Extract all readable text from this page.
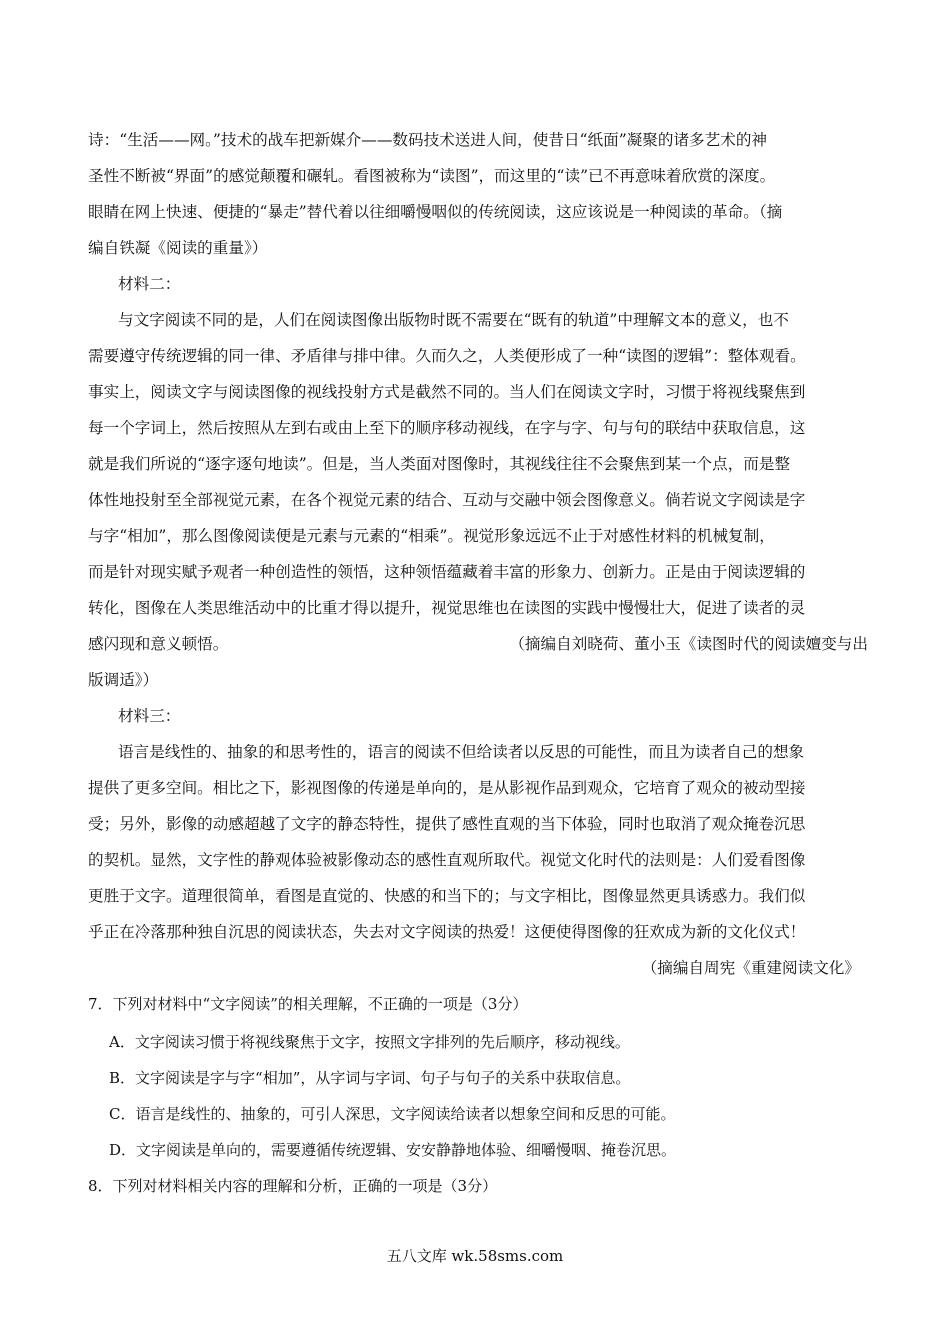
诗：“生活——网。”技术的战车把新媒介——数码技术送进人间，使昔日“纸面”凝聚的诸多艺术的神
圣性不断被“界面”的感觉颠覆和碾轧。看图被称为“读图”，而这里的“读”已不再意味着欣赏的深度。
眼睛在网上快速、便捷的“暴走”替代着以往细嚼慢咽似的传统阅读，这应该说是一种阅读的革命。（摘
编自铁凝《阅读的重量》）
材料二：
与文字阅读不同的是，人们在阅读图像出版物时既不需要在“既有的轨道”中理解文本的意义，也不
需要遵守传统逻辑的同一律、矛盾律与排中律。久而久之，人类便形成了一种“读图的逻辑”：整体观看。
事实上，阅读文字与阅读图像的视线投射方式是截然不同的。当人们在阅读文字时，习惯于将视线聚焦到
每一个字词上，然后按照从左到右或由上至下的顺序移动视线，在字与字、句与句的联结中获取信息，这
就是我们所说的“逐字逐句地读”。但是，当人类面对图像时，其视线往往不会聚焦到某一个点，而是整
体性地投射至全部视觉元素，在各个视觉元素的结合、互动与交融中领会图像意义。倘若说文字阅读是字
与字“相加”，那么图像阅读便是元素与元素的“相乘”。视觉形象远远不止于对感性材料的机械复制，
而是针对现实赋予观者一种创造性的领悟，这种领悟蕴藏着丰富的形象力、创新力。正是由于阅读逻辑的
转化，图像在人类思维活动中的比重才得以提升，视觉思维也在读图的实践中慢慢壮大，促进了读者的灵
感闪现和意义顿悟。	（摘编自刘晓荷、董小玉《读图时代的阅读嬗变与出
版调适》）
材料三：
语言是线性的、抽象的和思考性的，语言的阅读不但给读者以反思的可能性，而且为读者自己的想象
提供了更多空间。相比之下，影视图像的传递是单向的，是从影视作品到观众，它培育了观众的被动型接
受；另外，影像的动感超越了文字的静态特性，提供了感性直观的当下体验，同时也取消了观众掩卷沉思
的契机。显然，文字性的静观体验被影像动态的感性直观所取代。视觉文化时代的法则是：人们爱看图像
更胜于文字。道理很简单，看图是直觉的、快感的和当下的；与文字相比，图像显然更具诱惑力。我们似
乎正在冷落那种独自沉思的阅读状态，失去对文字阅读的热爱！这便使得图像的狂欢成为新的文化仪式！
（摘编自周宪《重建阅读文化》
7．下列对材料中“文字阅读”的相关理解，不正确的一项是（3分）
A．文字阅读习惯于将视线聚焦于文字，按照文字排列的先后顺序，移动视线。
B．文字阅读是字与字“相加”，从字词与字词、句子与句子的关系中获取信息。
C．语言是线性的、抽象的，可引人深思，文字阅读给读者以想象空间和反思的可能。
D．文字阅读是单向的，需要遵循传统逻辑、安安静静地体验、细嚼慢咽、掩卷沉思。
8．下列对材料相关内容的理解和分析，正确的一项是（3分）
五八文库 wk.58sms.com
